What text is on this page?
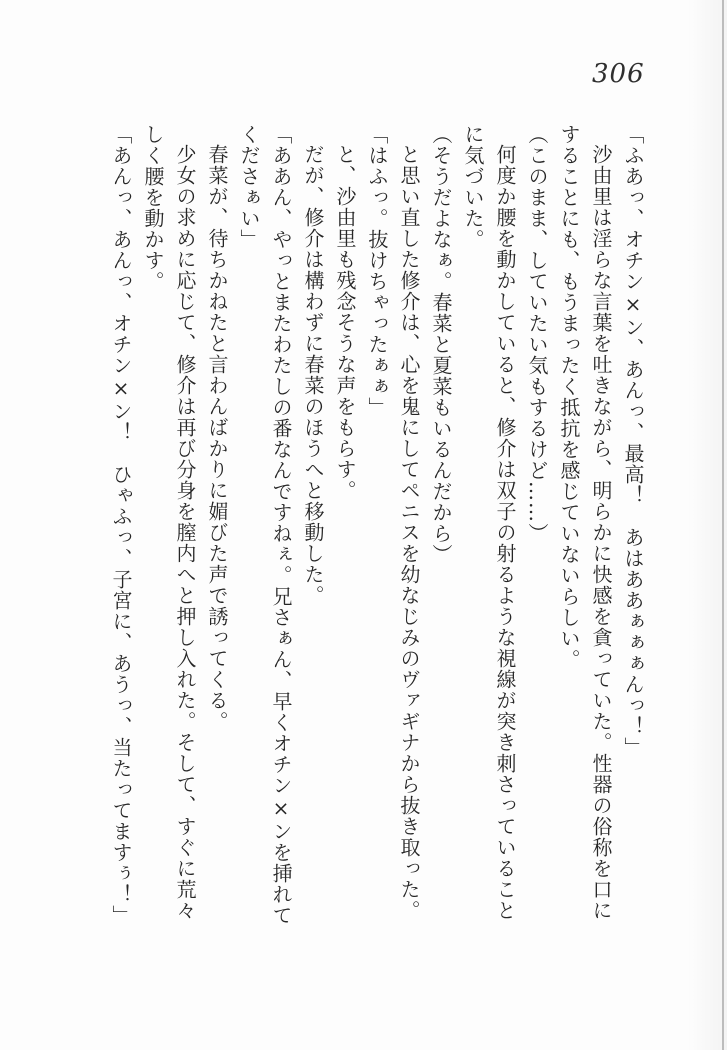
306

「ふあっ、オチン×ン、あんっ、最高！　あはああぁぁぁんっ！」

沙由里は淫らな言葉を吐きながら、明らかに快感を貪っていた。性器の俗称を口に

することにも、もうまったく抵抗を感じていないらしい。

（このまま、していたい気もするけど……）

何度か腰を動かしていると、修介は双子の射るような視線が突き刺さっていること

に気づいた。

（そうだよなぁ。春菜と夏菜もいるんだから）

と思い直した修介は、心を鬼にしてペニスを幼なじみのヴァギナから抜き取った。

「はふっ。抜けちゃったぁぁ」

と、沙由里も残念そうな声をもらす。

だが、修介は構わずに春菜のほうへと移動した。

「ああん、やっとまたわたしの番なんですねぇ。兄さぁん、早くオチン×ンを挿れて

くださぁい」

春菜が、待ちかねたと言わんばかりに媚びた声で誘ってくる。

少女の求めに応じて、修介は再び分身を膣内へと押し入れた。そして、すぐに荒々

しく腰を動かす。

「あんっ、あんっ、オチン×ン！　ひゃふっ、子宮に、あうっ、当たってますぅ！」
